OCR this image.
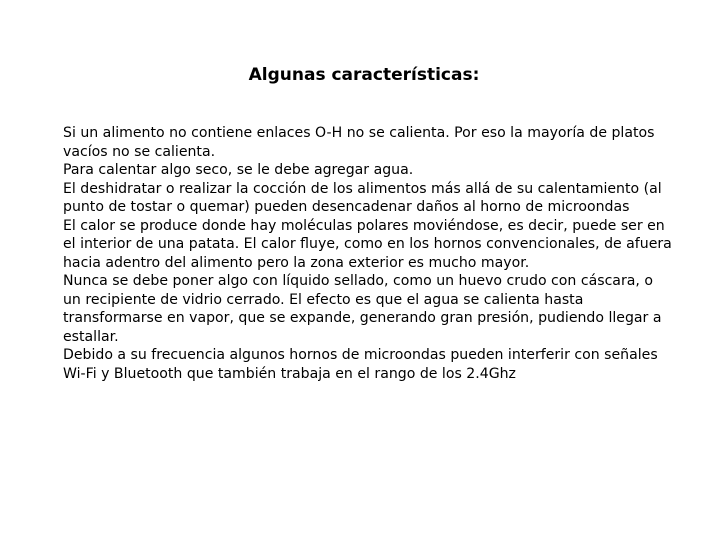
Algunas características:

Si un alimento no contiene enlaces O-H no se calienta. Por eso la mayoría de platos vacíos no se calienta.

Para calentar algo seco, se le debe agregar agua.

El deshidratar o realizar la cocción de los alimentos más allá de su calentamiento (al punto de tostar o quemar) pueden desencadenar daños al horno de microondas

El calor se produce donde hay moléculas polares moviéndose, es decir, puede ser en el interior de una patata. El calor fluye, como en los hornos convencionales, de afuera hacia adentro del alimento pero la zona exterior es mucho mayor.

Nunca se debe poner algo con líquido sellado, como un huevo crudo con cáscara, o un recipiente de vidrio cerrado. El efecto es que el agua se calienta hasta transformarse en vapor, que se expande, generando gran presión, pudiendo llegar a estallar.

Debido a su frecuencia algunos hornos de microondas pueden interferir con señales Wi-Fi y Bluetooth que también trabaja en el rango de los 2.4Ghz
